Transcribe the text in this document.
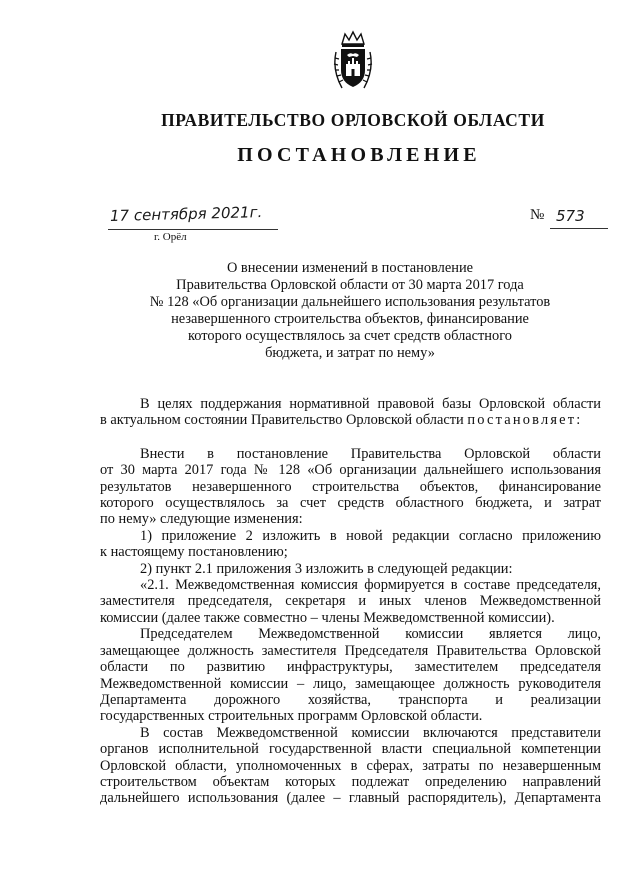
ПРАВИТЕЛЬСТВО ОРЛОВСКОЙ ОБЛАСТИ
ПОСТАНОВЛЕНИЕ
17 сентября 2021г.
г. Орёл
№ 573
О внесении изменений в постановление
Правительства Орловской области от 30 марта 2017 года
№ 128 «Об организации дальнейшего использования результатов
незавершенного строительства объектов, финансирование
которого осуществлялось за счет средств областного
бюджета, и затрат по нему»
В целях поддержания нормативной правовой базы Орловской области
в актуальном состоянии Правительство Орловской области постановляет:
Внести в постановление Правительства Орловской области
от 30 марта 2017 года № 128 «Об организации дальнейшего использования
результатов незавершенного строительства объектов, финансирование
которого осуществлялось за счет средств областного бюджета, и затрат
по нему» следующие изменения:
1) приложение 2 изложить в новой редакции согласно приложению
к настоящему постановлению;
2) пункт 2.1 приложения 3 изложить в следующей редакции:
«2.1. Межведомственная комиссия формируется в составе председателя,
заместителя председателя, секретаря и иных членов Межведомственной
комиссии (далее также совместно – члены Межведомственной комиссии).
Председателем Межведомственной комиссии является лицо,
замещающее должность заместителя Председателя Правительства Орловской
области по развитию инфраструктуры, заместителем председателя
Межведомственной комиссии – лицо, замещающее должность руководителя
Департамента дорожного хозяйства, транспорта и реализации
государственных строительных программ Орловской области.
В состав Межведомственной комиссии включаются представители
органов исполнительной государственной власти специальной компетенции
Орловской области, уполномоченных в сферах, затраты по незавершенным
строительством объектам которых подлежат определению направлений
дальнейшего использования (далее – главный распорядитель), Департамента
